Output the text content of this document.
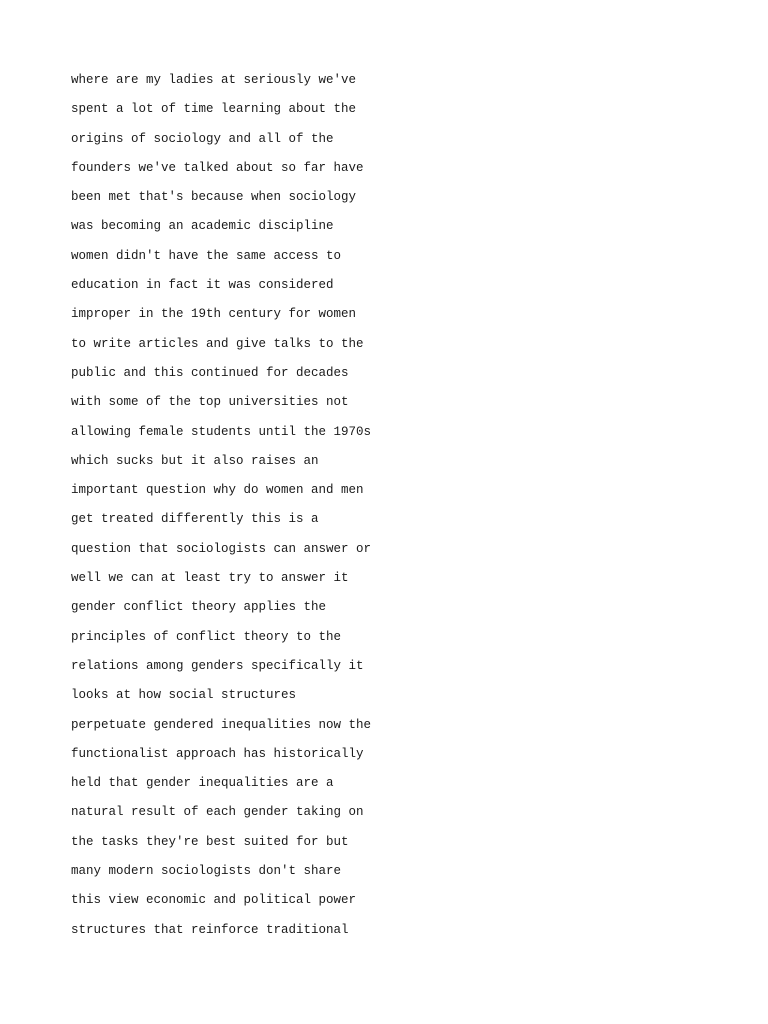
where are my ladies at seriously we've
spent a lot of time learning about the
origins of sociology and all of the
founders we've talked about so far have
been met that's because when sociology
was becoming an academic discipline
women didn't have the same access to
education in fact it was considered
improper in the 19th century for women
to write articles and give talks to the
public and this continued for decades
with some of the top universities not
allowing female students until the 1970s
which sucks but it also raises an
important question why do women and men
get treated differently this is a
question that sociologists can answer or
well we can at least try to answer it
gender conflict theory applies the
principles of conflict theory to the
relations among genders specifically it
looks at how social structures
perpetuate gendered inequalities now the
functionalist approach has historically
held that gender inequalities are a
natural result of each gender taking on
the tasks they're best suited for but
many modern sociologists don't share
this view economic and political power
structures that reinforce traditional
